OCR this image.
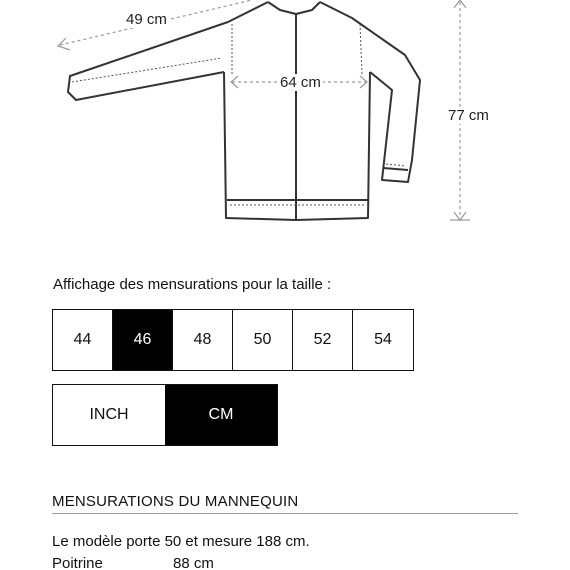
49 cm
64 cm
77 cm
Affichage des mensurations pour la taille :
44	46	48	50	52	54
INCH	CM
MENSURATIONS DU MANNEQUIN
Le modèle porte 50 et mesure 188 cm.
Poitrine	88 cm
